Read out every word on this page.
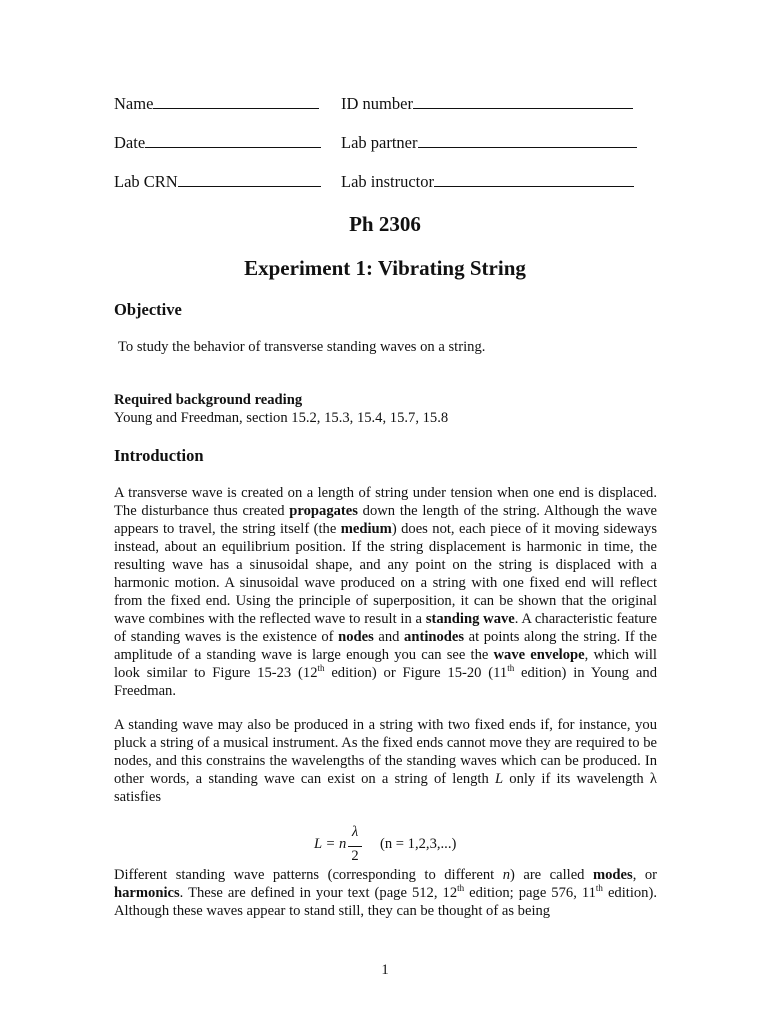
Name	ID number
Date	Lab partner
Lab CRN	Lab instructor
Ph 2306
Experiment 1: Vibrating String
Objective
To study the behavior of transverse standing waves on a string.
Required background reading
Young and Freedman, section 15.2, 15.3, 15.4, 15.7, 15.8
Introduction

A transverse wave is created on a length of string under tension when one end is displaced. The disturbance thus created propagates down the length of the string. Although the wave appears to travel, the string itself (the medium) does not, each piece of it moving sideways instead, about an equilibrium position. If the string displacement is harmonic in time, the resulting wave has a sinusoidal shape, and any point on the string is displaced with a harmonic motion. A sinusoidal wave produced on a string with one fixed end will reflect from the fixed end. Using the principle of superposition, it can be shown that the original wave combines with the reflected wave to result in a standing wave. A characteristic feature of standing waves is the existence of nodes and antinodes at points along the string. If the amplitude of a standing wave is large enough you can see the wave envelope, which will look similar to Figure 15-23 (12th edition) or Figure 15-20 (11th edition) in Young and Freedman.

A standing wave may also be produced in a string with two fixed ends if, for instance, you pluck a string of a musical instrument. As the fixed ends cannot move they are required to be nodes, and this constrains the wavelengths of the standing waves which can be produced. In other words, a standing wave can exist on a string of length L only if its wavelength λ satisfies

L = n
λ
2
(n = 1,2,3,...)

Different standing wave patterns (corresponding to different n) are called modes, or harmonics. These are defined in your text (page 512, 12th edition; page 576, 11th edition). Although these waves appear to stand still, they can be thought of as being

1
